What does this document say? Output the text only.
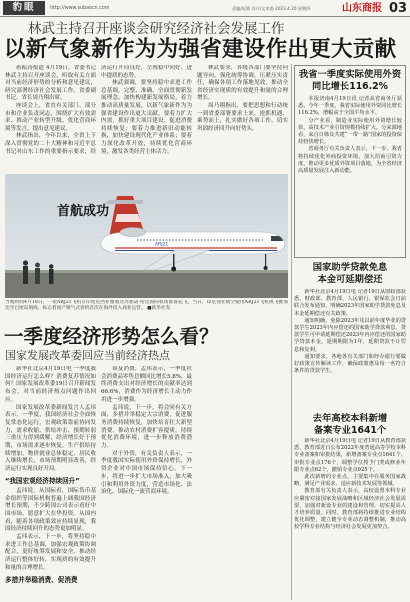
豹眼	http://www.subaocn.com	责编/短篇 设计/文泉韵 2023.4.20 星期四	山东商报 03
林武主持召开座谈会研究经济社会发展工作
以新气象新作为为强省建设作出更大贡献

蒋振涛报道 4月19日，省委书记林武主持召开座谈会，听取有关方面对当前经济形势的分析和意见建议，研究部署经济社会发展工作。省委副书记、省长周乃翔出席。

座谈会上，省直有关部门、部分市和企业负责同志，围绕扩大有效需求、推动产业转型升级、优化营商环境等发言，提出意见建议。

林武指出，今年以来，全省上下深入贯彻党的二十大精神和习近平总书记对山东工作的重要指示要求，经济运行开局良好，呈现稳中向好、进中提质的态势。

林武强调，要坚持稳中求进工作总基调，完整、准确、全面贯彻新发展理念，加快构建新发展格局，着力推动高质量发展，以新气象新作为为强省建设作出更大贡献。要着力扩大内需，抓好重大项目建设，促进消费持续恢复；要着力推进新旧动能转换，加快建设现代化产业体系；要着力深化改革开放，持续优化营商环境，激发各类经营主体活力。

林武要求，各级各部门要坚持问题导向，强化统筹协调，压紧压实责任，确保各项工作落地见效，推动全省经济实现质的有效提升和量的合理增长。

周乃翔指出，要把思想和行动统一到省委部署要求上来，抢抓机遇、乘势而上，扎实做好各项工作，切实巩固经济回升向好势头。

我省一季度实际使用外资
同比增长116.2%

本报济南4月19日讯 记者从省商务厅获悉，今年一季度，我省实际使用外资同比增长116.2%，增幅高于全国平均水平。

分产业看，制造业实际使用外资增长较快，高技术产业引资规模持续扩大。分来源地看，来自日韩及共建“一带一路”国家的投资保持较快增长。

省商务厅有关负责人表示，下一步，我省将持续优化外商投资环境，加大招商引资力度，推动更多优质外资项目落地，为全省经济高质量发展注入新动能。

ARJ21
首航成功
当地时间4月18日，一架ARJ21飞机在印度尼西亚雅加达苏加诺-哈达国际机场准备起飞。当日，印尼翎亚航空使用ARJ21飞机执飞雅加达至巴厘岛航线，标志着国产喷气式客机首次在海外投入商业运营。 ■新华社发
一季度经济形势怎么看？
国家发展改革委回应当前经济热点

新华社北京4月19日电 一季度我国经济运行怎么样？消费复苏情况如何？国家发展改革委19日召开新闻发布会，对当前经济热点问题作出回应。

国家发展改革委新闻发言人孟玮表示，一季度，我国经济社会全面恢复常态化运行，宏观政策靠前协同发力，需求收缩、供给冲击、预期转弱三重压力得到缓解，经济增长好于预期，市场需求逐步恢复，生产供给持续增加，物价就业总体稳定，居民收入继续增长，市场预期明显改善，经济运行实现良好开局。

“我国宏观经济持续回升”

孟玮说，从国际看，国际货币基金组织等国际机构普遍上调我国经济增长预期，不少跨国公司表示看好中国市场、愿意扩大在华投资。从国内看，随着各项政策效应持续显现，我国经济持续回升的态势更加明显。

孟玮表示，下一步，将坚持稳中求进工作总基调，加强宏观政策协调配合，更好统筹发展和安全，推动经济运行整体好转，实现质的有效提升和量的合理增长。

多措并举稳消费、促消费

谈及消费，孟玮表示，一季度社会消费品零售总额同比增长5.8%，最终消费支出对经济增长的贡献率达到66.6%，消费作为经济增长主动力作用进一步增强。

孟玮说，下一步，将会同有关方面，多措并举稳定大宗消费，促进服务消费持续恢复，加快培育壮大新型消费，推动农村消费扩容提质，持续优化消费环境，进一步释放消费潜力。

对于外资，有关负责人表示，一季度我国实际使用外资保持增长，外资企业对中国市场保持信心。下一步，将进一步扩大市场准入，加大吸引和利用外资力度，营造市场化、法治化、国际化一流营商环境。

国家助学贷款免息
本金可延期偿还

新华社北京4月19日电 记者19日从财政部获悉，财政部、教育部、人民银行、银保监会日前联合发布通知，明确2023年国家助学贷款免息及本金延期偿还有关政策。

通知明确，免除2023年及以前年度毕业的贷款学生2023年内应偿还的国家助学贷款利息，贷款学生可申请延期偿还2023年内应偿还的国家助学贷款本金，延期期限为1年，延期贷款不计罚息和复利。

通知要求，各地各有关部门和经办银行要做好政策宣传解读工作，确保政策惠及每一名符合条件的贷款学生。

去年高校本科新增
备案专业1641个

新华社北京4月19日电 记者19日从教育部获悉，教育部近日公布2022年度普通高等学校本科专业备案和审批结果，新增备案专业点1641个、审批专业点176个，调整学位授予门类或修业年限专业点62个，撤销专业点925个。

此次新增的专业点，主要集中在服务国家战略、满足产业需求、适应新技术发展等领域。

教育部有关负责人表示，高校设置本科专业应紧密对接国家发展战略和区域经济社会发展需要，加强对新设专业的建设和管理，切实提高人才培养质量。同时，教育部将持续推进专业结构优化调整，建立健全专业动态调整机制，推动高校学科专业结构与经济社会发展更加契合。
